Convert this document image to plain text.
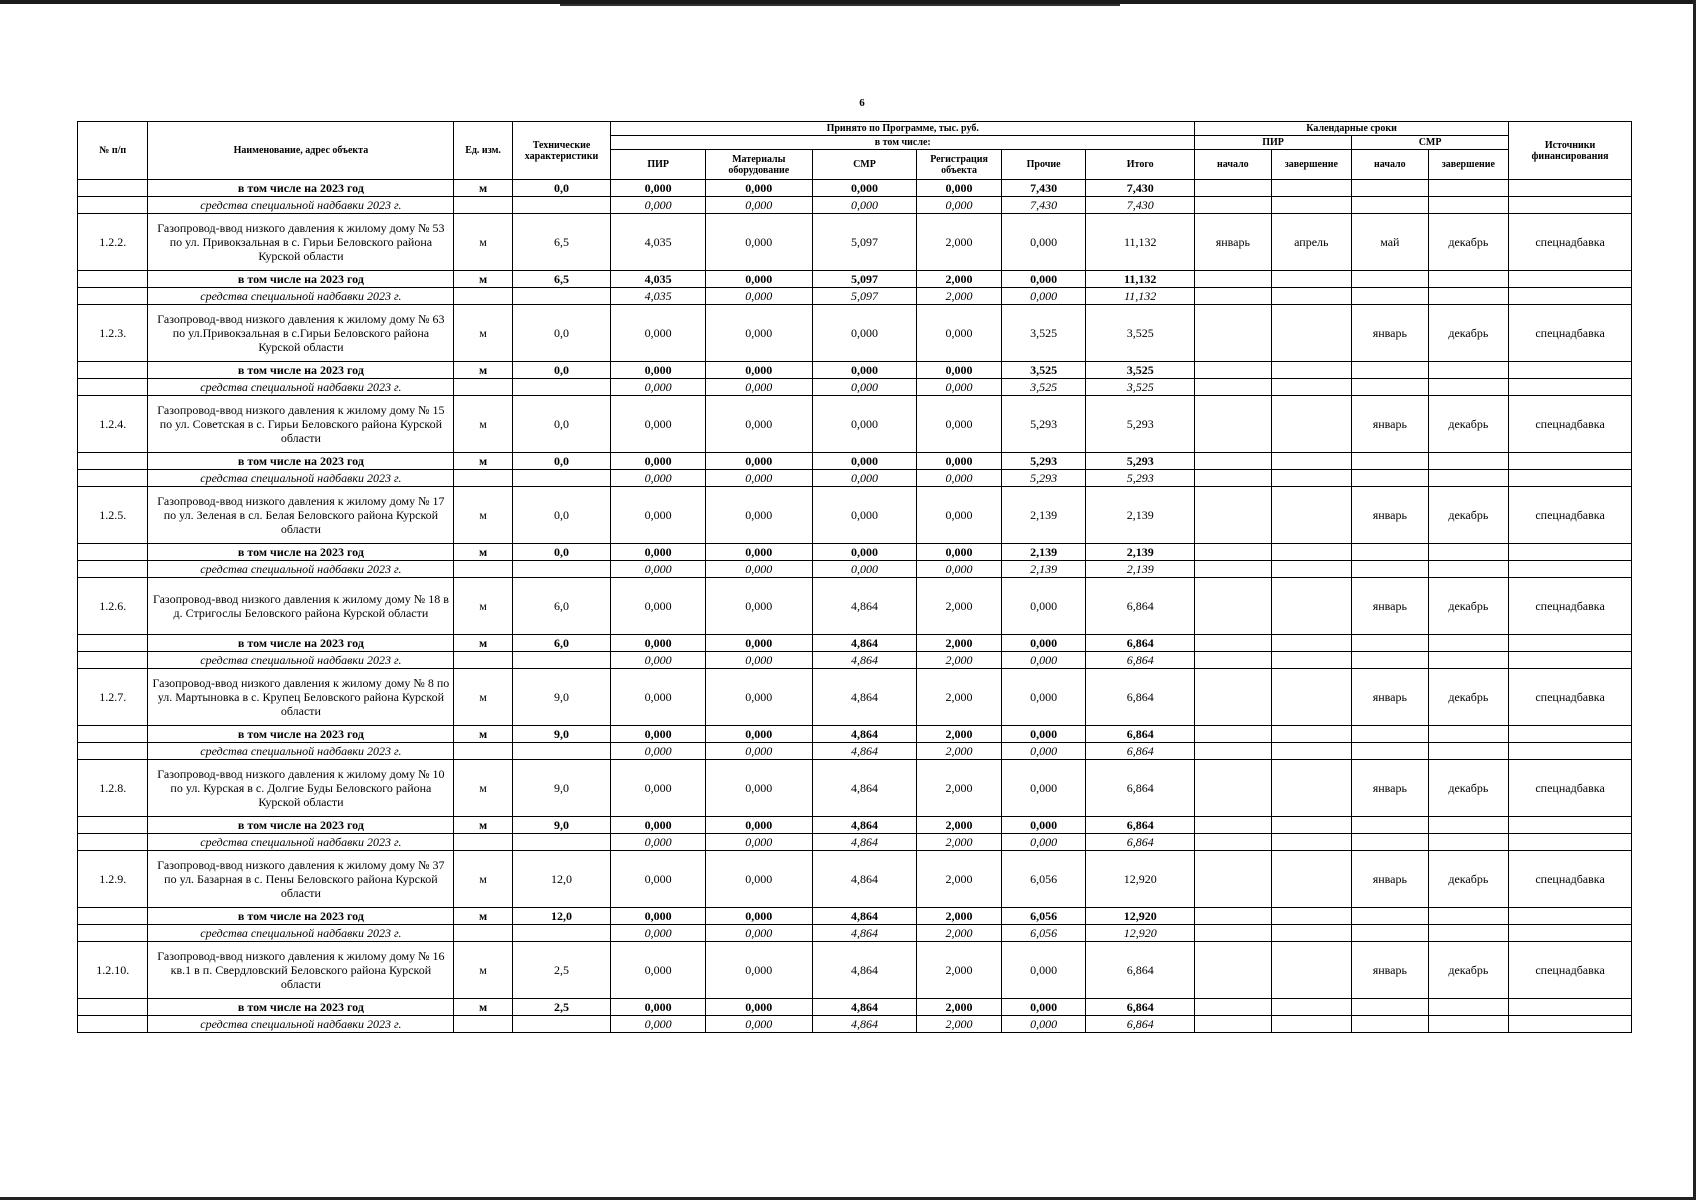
6
№ п/п	Наименование, адрес объекта	Ед. изм.	Технические характеристики	Принято по Программе, тыс. руб.						Календарные сроки				Источники финансирования
				в том числе:						ПИР		СМР		
				ПИР	Материалы оборудование	СМР	Регистрация объекта	Прочие	Итого	начало	завершение	начало	завершение	
	в том числе на 2023 год	м	0,0	0,000	0,000	0,000	0,000	7,430	7,430					
	средства специальной надбавки 2023 г.			0,000	0,000	0,000	0,000	7,430	7,430					
1.2.2.	Газопровод-ввод низкого давления к жилому дому № 53 по ул. Привокзальная в с. Гирьи Беловского района Курской области	м	6,5	4,035	0,000	5,097	2,000	0,000	11,132	январь	апрель	май	декабрь	спецнадбавка
	в том числе на 2023 год	м	6,5	4,035	0,000	5,097	2,000	0,000	11,132					
	средства специальной надбавки 2023 г.			4,035	0,000	5,097	2,000	0,000	11,132					
1.2.3.	Газопровод-ввод низкого давления к жилому дому № 63 по ул.Привокзальная в с.Гирьи Беловского района Курской области	м	0,0	0,000	0,000	0,000	0,000	3,525	3,525			январь	декабрь	спецнадбавка
	в том числе на 2023 год	м	0,0	0,000	0,000	0,000	0,000	3,525	3,525					
	средства специальной надбавки 2023 г.			0,000	0,000	0,000	0,000	3,525	3,525					
1.2.4.	Газопровод-ввод низкого давления к жилому дому № 15 по ул. Советская в с. Гирьи Беловского района Курской области	м	0,0	0,000	0,000	0,000	0,000	5,293	5,293			январь	декабрь	спецнадбавка
	в том числе на 2023 год	м	0,0	0,000	0,000	0,000	0,000	5,293	5,293					
	средства специальной надбавки 2023 г.			0,000	0,000	0,000	0,000	5,293	5,293					
1.2.5.	Газопровод-ввод низкого давления к жилому дому № 17 по ул. Зеленая в сл. Белая Беловского района Курской области	м	0,0	0,000	0,000	0,000	0,000	2,139	2,139			январь	декабрь	спецнадбавка
	в том числе на 2023 год	м	0,0	0,000	0,000	0,000	0,000	2,139	2,139					
	средства специальной надбавки 2023 г.			0,000	0,000	0,000	0,000	2,139	2,139					
1.2.6.	Газопровод-ввод низкого давления к жилому дому № 18 в д. Стригослы Беловского района Курской области	м	6,0	0,000	0,000	4,864	2,000	0,000	6,864			январь	декабрь	спецнадбавка
	в том числе на 2023 год	м	6,0	0,000	0,000	4,864	2,000	0,000	6,864					
	средства специальной надбавки 2023 г.			0,000	0,000	4,864	2,000	0,000	6,864					
1.2.7.	Газопровод-ввод низкого давления к жилому дому № 8 по ул. Мартыновка в с. Крупец Беловского района Курской области	м	9,0	0,000	0,000	4,864	2,000	0,000	6,864			январь	декабрь	спецнадбавка
	в том числе на 2023 год	м	9,0	0,000	0,000	4,864	2,000	0,000	6,864					
	средства специальной надбавки 2023 г.			0,000	0,000	4,864	2,000	0,000	6,864					
1.2.8.	Газопровод-ввод низкого давления к жилому дому № 10 по ул. Курская в с. Долгие Буды Беловского района Курской области	м	9,0	0,000	0,000	4,864	2,000	0,000	6,864			январь	декабрь	спецнадбавка
	в том числе на 2023 год	м	9,0	0,000	0,000	4,864	2,000	0,000	6,864					
	средства специальной надбавки 2023 г.			0,000	0,000	4,864	2,000	0,000	6,864					
1.2.9.	Газопровод-ввод низкого давления к жилому дому № 37 по ул. Базарная в с. Пены Беловского района Курской области	м	12,0	0,000	0,000	4,864	2,000	6,056	12,920			январь	декабрь	спецнадбавка
	в том числе на 2023 год	м	12,0	0,000	0,000	4,864	2,000	6,056	12,920					
	средства специальной надбавки 2023 г.			0,000	0,000	4,864	2,000	6,056	12,920					
1.2.10.	Газопровод-ввод низкого давления к жилому дому № 16 кв.1 в п. Свердловский Беловского района Курской области	м	2,5	0,000	0,000	4,864	2,000	0,000	6,864			январь	декабрь	спецнадбавка
	в том числе на 2023 год	м	2,5	0,000	0,000	4,864	2,000	0,000	6,864					
	средства специальной надбавки 2023 г.			0,000	0,000	4,864	2,000	0,000	6,864					
